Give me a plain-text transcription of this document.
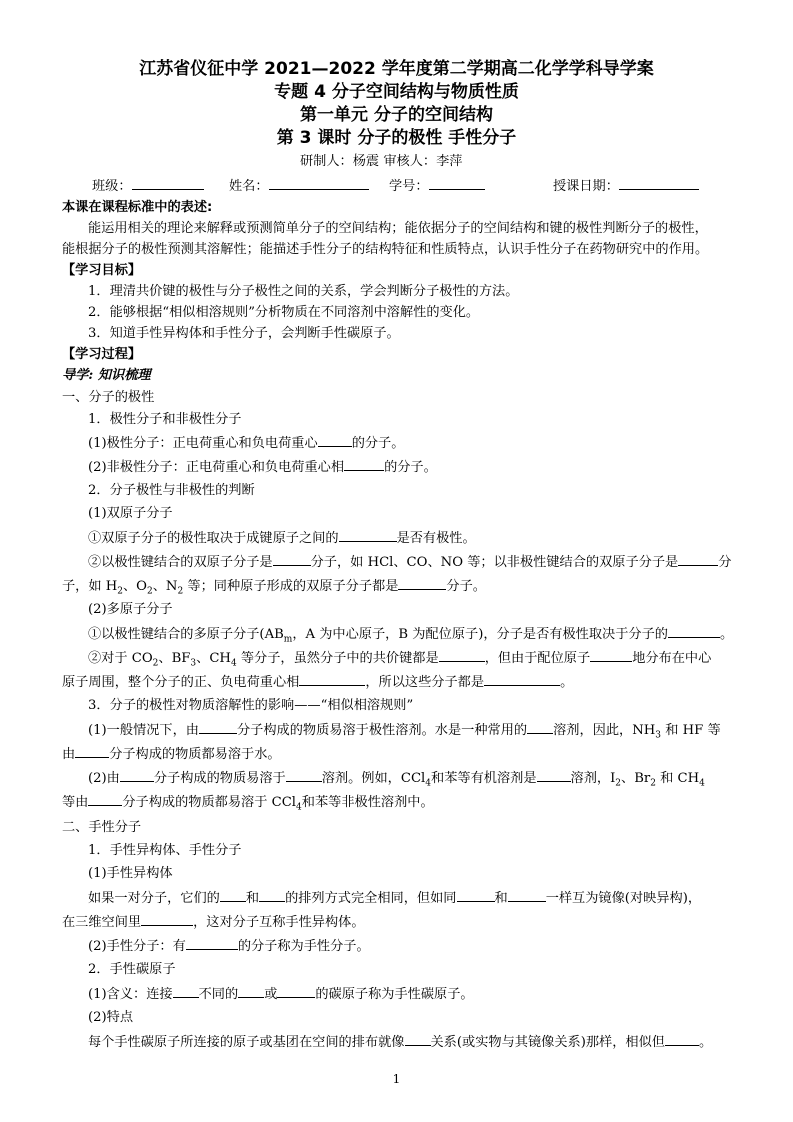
江苏省仪征中学 2021—2022 学年度第二学期高二化学学科导学案
专题 4 分子空间结构与物质性质
第一单元 分子的空间结构
第 3 课时 分子的极性 手性分子
研制人：杨震 审核人：李萍
班级：	姓名：	学号：	授课日期：
本课在课程标准中的表述:
能运用相关的理论来解释或预测简单分子的空间结构；能依据分子的空间结构和键的极性判断分子的极性，
能根据分子的极性预测其溶解性；能描述手性分子的结构特征和性质特点，认识手性分子在药物研究中的作用。
【学习目标】
1．理清共价键的极性与分子极性之间的关系，学会判断分子极性的方法。
2．能够根据“相似相溶规则”分析物质在不同溶剂中溶解性的变化。
3．知道手性异构体和手性分子，会判断手性碳原子。
【学习过程】
导学: 知识梳理
一、分子的极性
1．极性分子和非极性分子
(1)极性分子：正电荷重心和负电荷重心	的分子。
(2)非极性分子：正电荷重心和负电荷重心相	的分子。
2．分子极性与非极性的判断
(1)双原子分子
①双原子分子的极性取决于成键原子之间的	是否有极性。
②以极性键结合的双原子分子是	分子，如 HCl、CO、NO 等；以非极性键结合的双原子分子是	分
子，如 $H_2$、$O_2$、$N_2$ 等；同种原子形成的双原子分子都是	分子。
(2)多原子分子
①以极性键结合的多原子分子($AB_m$，A 为中心原子，B 为配位原子)，分子是否有极性取决于分子的	。
②对于 $CO_2$、$BF_3$、$CH_4$ 等分子，虽然分子中的共价键都是	，但由于配位原子	地分布在中心
原子周围，整个分子的正、负电荷重心相	，所以这些分子都是	。
3．分子的极性对物质溶解性的影响——“相似相溶规则”
(1)一般情况下，由	分子构成的物质易溶于极性溶剂。水是一种常用的 溶剂，因此，$NH_3$ 和 HF 等
由	分子构成的物质都易溶于水。
(2)由	分子构成的物质易溶于	溶剂。例如，CCl$_4$和苯等有机溶剂是	溶剂，$I_2$、$Br_2$ 和 $CH_4$
等由	分子构成的物质都易溶于 CCl$_4$和苯等非极性溶剂中。
二、手性分子
1．手性异构体、手性分子
(1)手性异构体
如果一对分子，它们的 和 的排列方式完全相同，但如同	和	一样互为镜像(对映异构)，
在三维空间里	，这对分子互称手性异构体。
(2)手性分子：有	的分子称为手性分子。
2．手性碳原子
(1)含义：连接 不同的 或	的碳原子称为手性碳原子。
(2)特点
每个手性碳原子所连接的原子或基团在空间的排布就像 关系(或实物与其镜像关系)那样，相似但	。
1
